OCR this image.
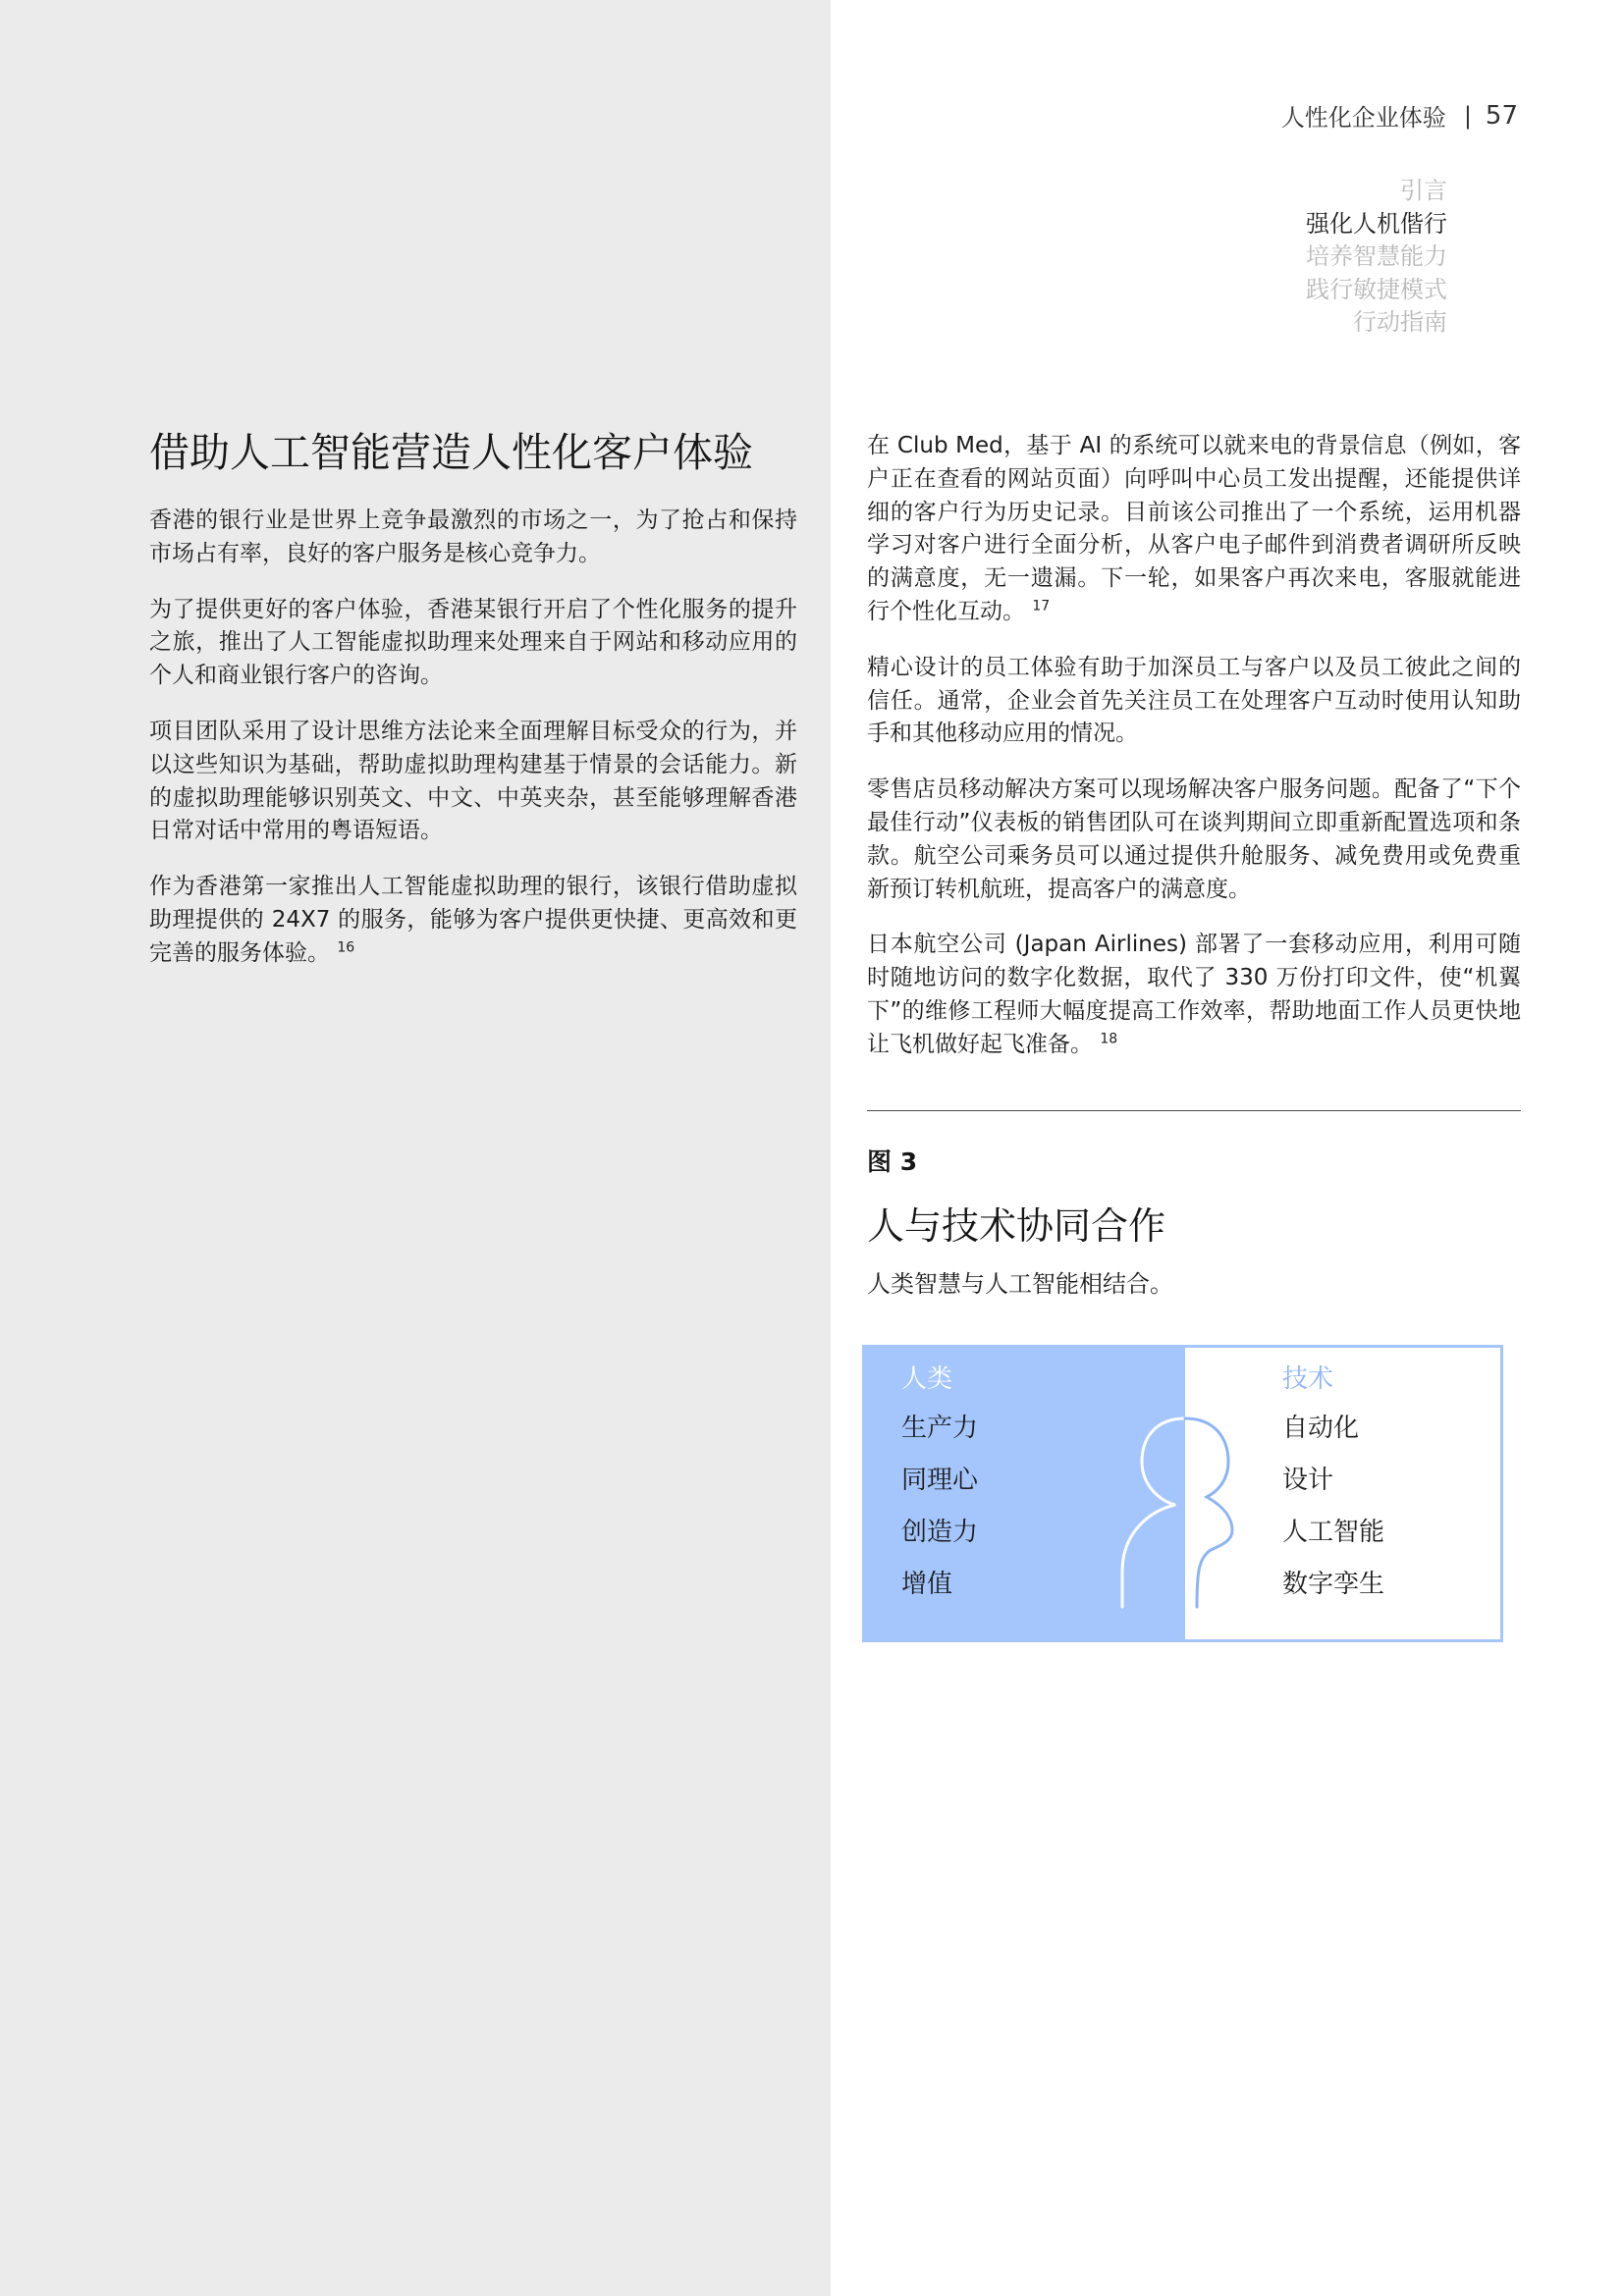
人性化企业体验 | 57
引言
强化人机偕行
培养智慧能力
践行敏捷模式
行动指南
借助人工智能营造人性化客户体验

香港的银行业是世界上竞争最激烈的市场之一，为了抢占和保持市场占有率，良好的客户服务是核心竞争力。

为了提供更好的客户体验，香港某银行开启了个性化服务的提升之旅，推出了人工智能虚拟助理来处理来自于网站和移动应用的个人和商业银行客户的咨询。

项目团队采用了设计思维方法论来全面理解目标受众的行为，并以这些知识为基础，帮助虚拟助理构建基于情景的会话能力。新的虚拟助理能够识别英文、中文、中英夹杂，甚至能够理解香港日常对话中常用的粤语短语。

作为香港第一家推出人工智能虚拟助理的银行，该银行借助虚拟助理提供的 24X7 的服务，能够为客户提供更快捷、更高效和更完善的服务体验。 $^{16}$

在 Club Med，基于 AI 的系统可以就来电的背景信息（例如，客户正在查看的网站页面）向呼叫中心员工发出提醒，还能提供详细的客户行为历史记录。目前该公司推出了一个系统，运用机器学习对客户进行全面分析，从客户电子邮件到消费者调研所反映的满意度，无一遗漏。下一轮，如果客户再次来电，客服就能进行个性化互动。 $^{17}$

精心设计的员工体验有助于加深员工与客户以及员工彼此之间的信任。通常，企业会首先关注员工在处理客户互动时使用认知助手和其他移动应用的情况。

零售店员移动解决方案可以现场解决客户服务问题。配备了“下个最佳行动”仪表板的销售团队可在谈判期间立即重新配置选项和条款。航空公司乘务员可以通过提供升舱服务、减免费用或免费重新预订转机航班，提高客户的满意度。

日本航空公司 (Japan Airlines) 部署了一套移动应用，利用可随时随地访问的数字化数据，取代了 330 万份打印文件，使“机翼下”的维修工程师大幅度提高工作效率，帮助地面工作人员更快地让飞机做好起飞准备。 $^{18}$

图 3
人与技术协同合作
人类智慧与人工智能相结合。
人类
生产力
同理心
创造力
增值
技术
自动化
设计
人工智能
数字孪生
